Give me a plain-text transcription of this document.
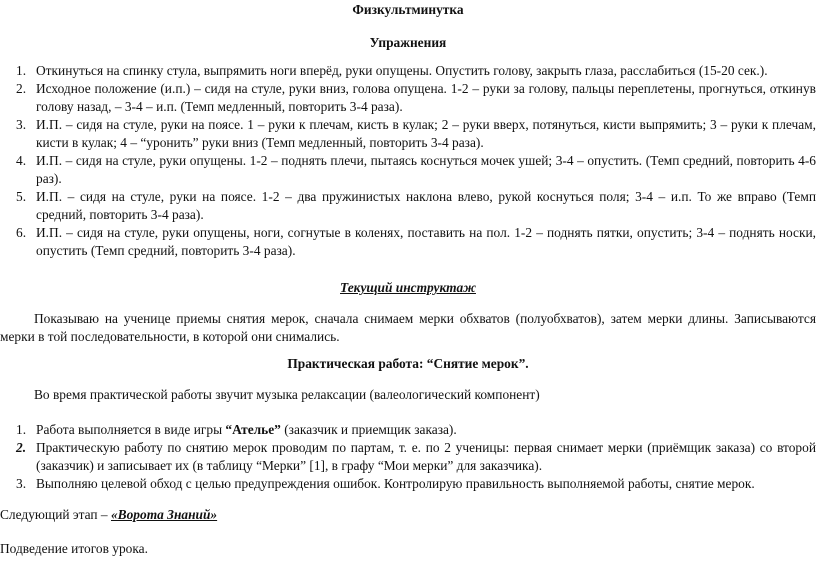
Физкультминутка
Упражнения
1. Откинуться на спинку стула, выпрямить ноги вперёд, руки опущены. Опустить голову, закрыть глаза, расслабиться (15-20 сек.).
2. Исходное положение (и.п.) – сидя на стуле, руки вниз, голова опущена. 1-2 – руки за голову, пальцы переплетены, прогнуться, откинув голову назад, – 3-4 – и.п. (Темп медленный, повторить 3-4 раза).
3. И.П. – сидя на стуле, руки на поясе. 1 – руки к плечам, кисть в кулак; 2 – руки вверх, потянуться, кисти выпрямить; 3 – руки к плечам, кисти в кулак; 4 – “уронить” руки вниз (Темп медленный, повторить 3-4 раза).
4. И.П. – сидя на стуле, руки опущены. 1-2 – поднять плечи, пытаясь коснуться мочек ушей; 3-4 – опустить. (Темп средний, повторить 4-6 раз).
5. И.П. – сидя на стуле, руки на поясе. 1-2 – два пружинистых наклона влево, рукой коснуться поля; 3-4 – и.п. То же вправо (Темп средний, повторить 3-4 раза).
6. И.П. – сидя на стуле, руки опущены, ноги, согнутые в коленях, поставить на пол. 1-2 – поднять пятки, опустить; 3-4 – поднять носки, опустить (Темп средний, повторить 3-4 раза).
Текущий инструктаж
Показываю на ученице приемы снятия мерок, сначала снимаем мерки обхватов (полуобхватов), затем мерки длины. Записываются мерки в той последовательности, в которой они снимались.
Практическая работа: “Снятие мерок”.
Во время практической работы звучит музыка релаксации (валеологический компонент)
1. Работа выполняется в виде игры “Ателье” (заказчик и приемщик заказа).
2. Практическую работу по снятию мерок проводим по партам, т. е. по 2 ученицы: первая снимает мерки (приёмщик заказа) со второй (заказчик) и записывает их (в таблицу “Мерки” [1], в графу “Мои мерки” для заказчика).
3. Выполняю целевой обход с целью предупреждения ошибок. Контролирую правильность выполняемой работы, снятие мерок.
Следующий этап – «Ворота Знаний»
Подведение итогов урока.
